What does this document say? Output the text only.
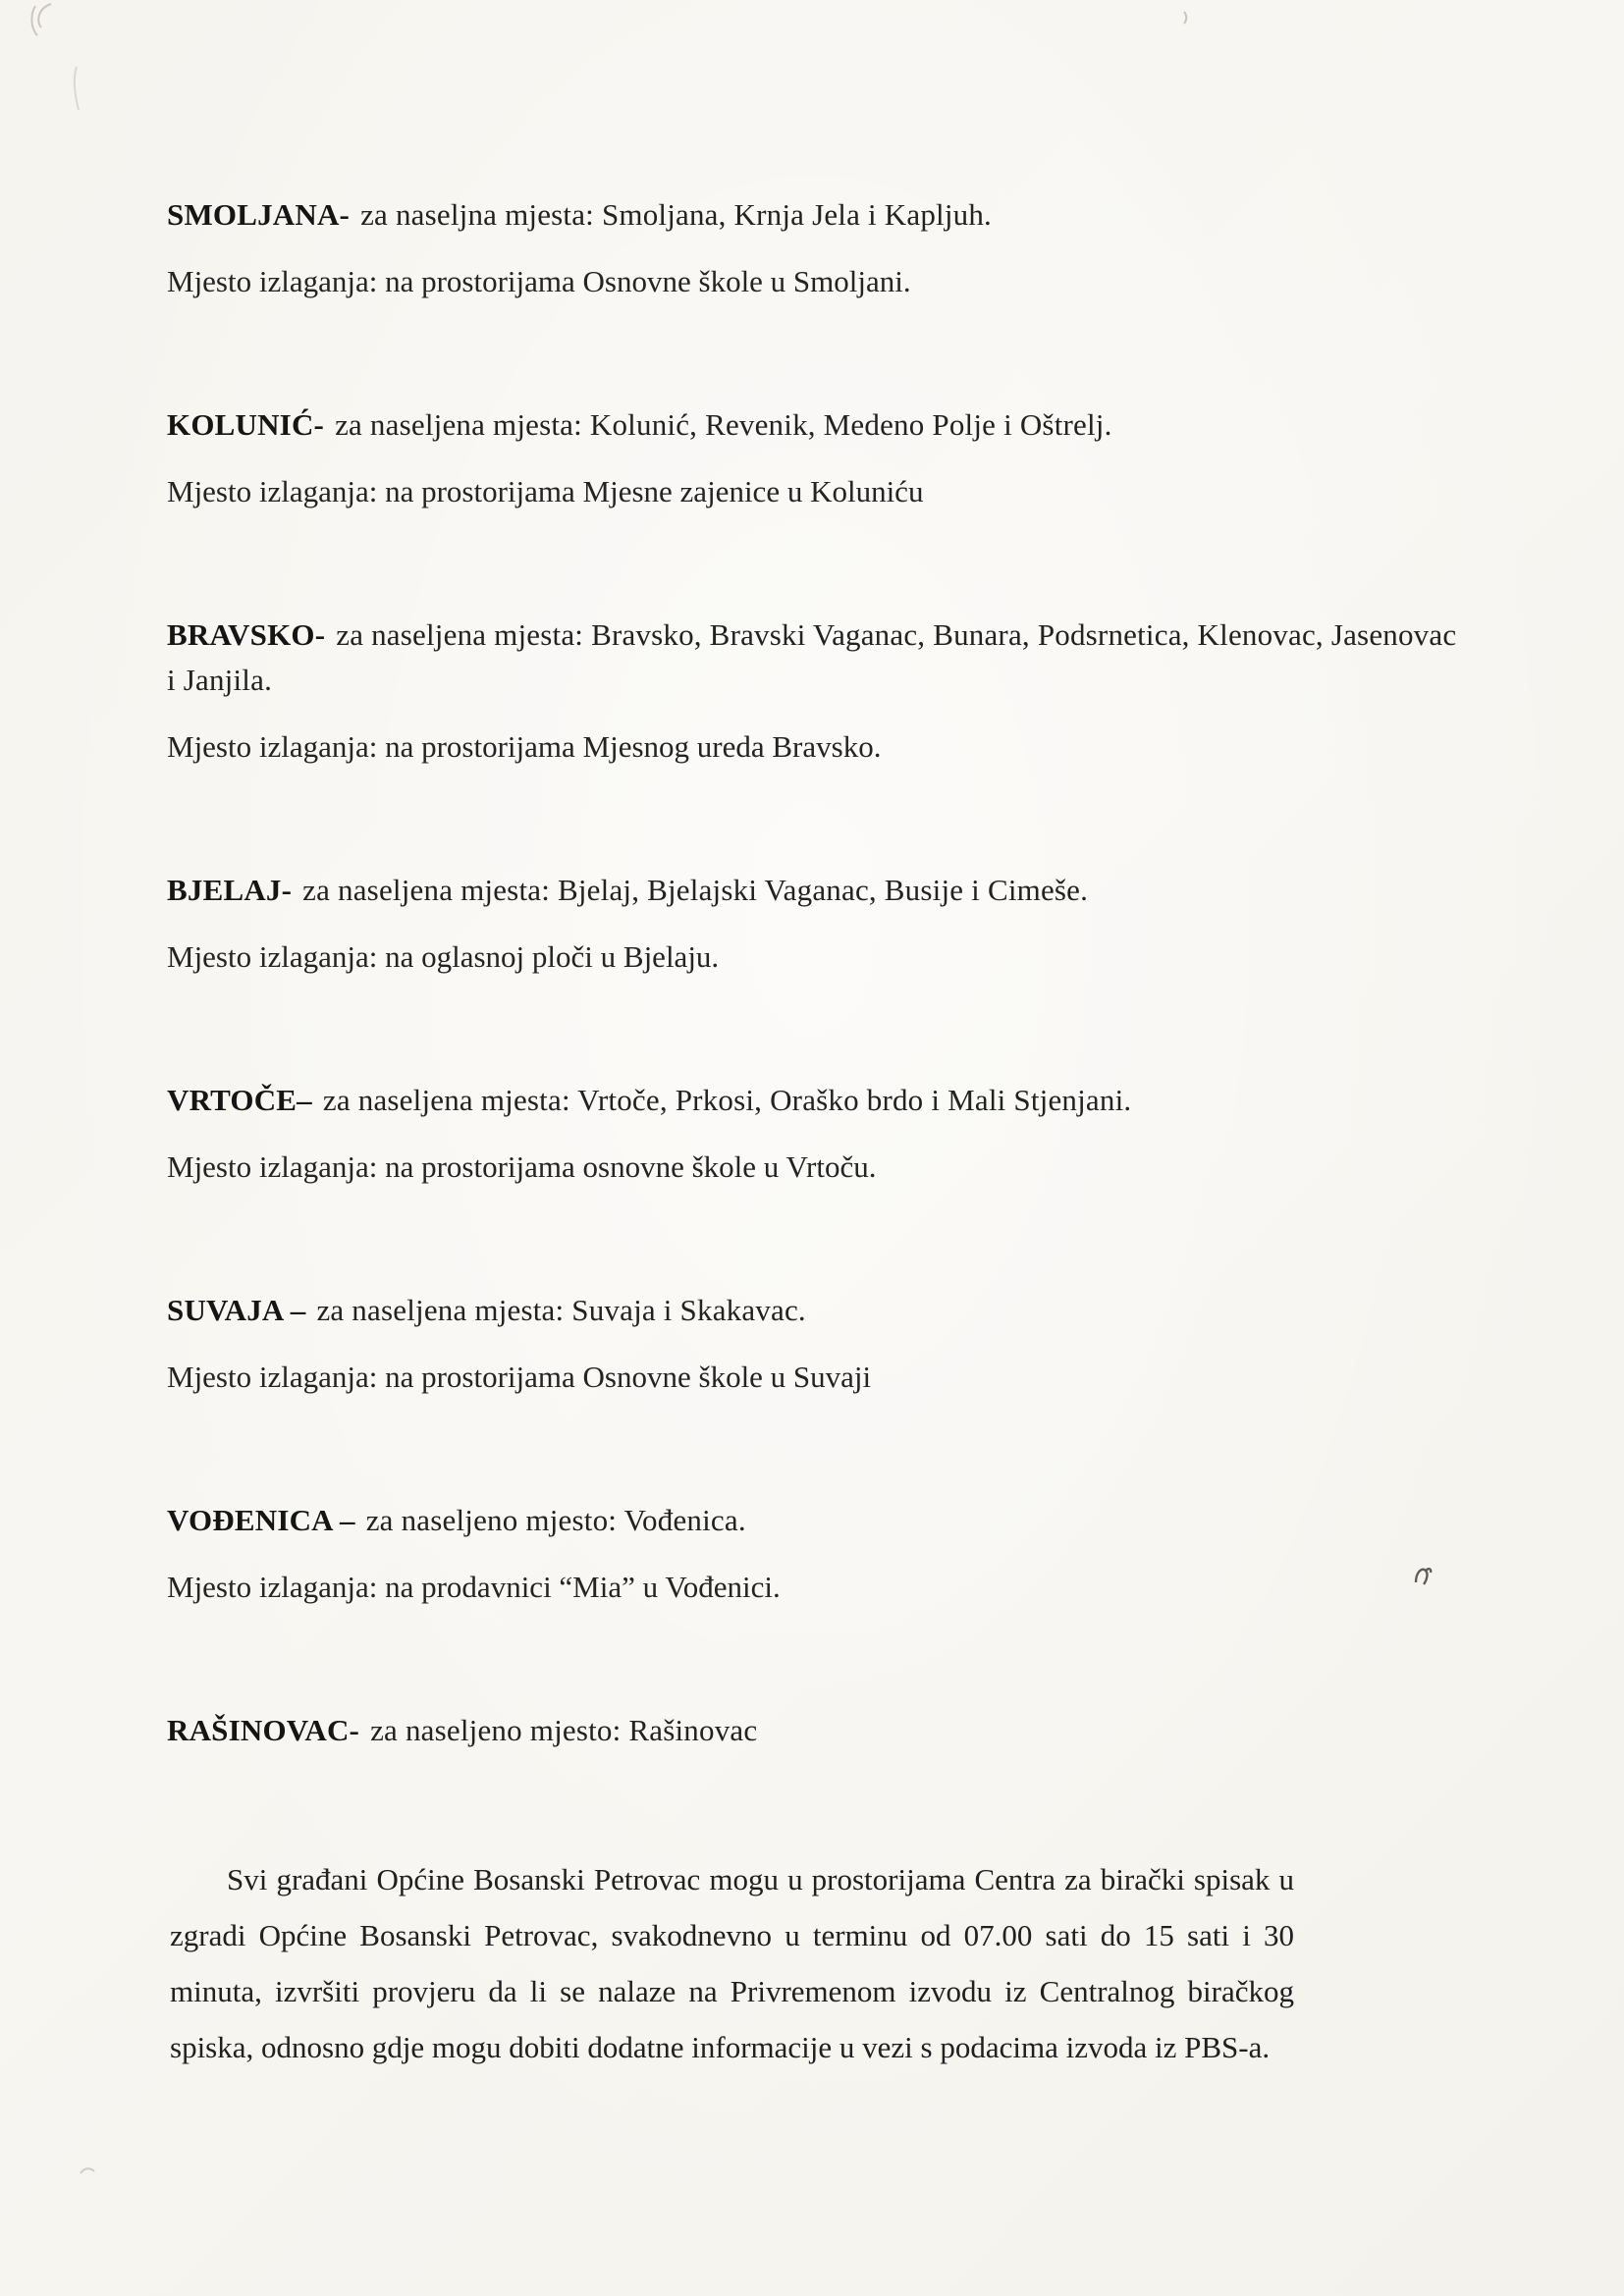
SMOLJANA- za naseljna mjesta: Smoljana, Krnja Jela i Kapljuh.

Mjesto izlaganja: na prostorijama Osnovne škole u Smoljani.

KOLUNIĆ- za naseljena mjesta: Kolunić, Revenik, Medeno Polje i Oštrelj.

Mjesto izlaganja: na prostorijama Mjesne zajenice u Koluniću

BRAVSKO- za naseljena mjesta: Bravsko, Bravski Vaganac, Bunara, Podsrnetica, Klenovac, Jasenovac i Janjila.

Mjesto izlaganja: na prostorijama Mjesnog ureda Bravsko.

BJELAJ- za naseljena mjesta: Bjelaj, Bjelajski Vaganac, Busije i Cimeše.

Mjesto izlaganja: na oglasnoj ploči u Bjelaju.

VRTOČE– za naseljena mjesta: Vrtoče, Prkosi, Oraško brdo i Mali Stjenjani.

Mjesto izlaganja: na prostorijama osnovne škole u Vrtoču.

SUVAJA – za naseljena mjesta: Suvaja i Skakavac.

Mjesto izlaganja: na prostorijama Osnovne škole u Suvaji

VOĐENICA – za naseljeno mjesto: Vođenica.

Mjesto izlaganja: na prodavnici “Mia” u Vođenici.

RAŠINOVAC- za naseljeno mjesto: Rašinovac

Svi građani Općine Bosanski Petrovac mogu u prostorijama Centra za birački spisak u zgradi Općine Bosanski Petrovac, svakodnevno u terminu od 07.00 sati do 15 sati i 30 minuta, izvršiti provjeru da li se nalaze na Privremenom izvodu iz Centralnog biračkog spiska, odnosno gdje mogu dobiti dodatne informacije u vezi s podacima izvoda iz PBS-a.
